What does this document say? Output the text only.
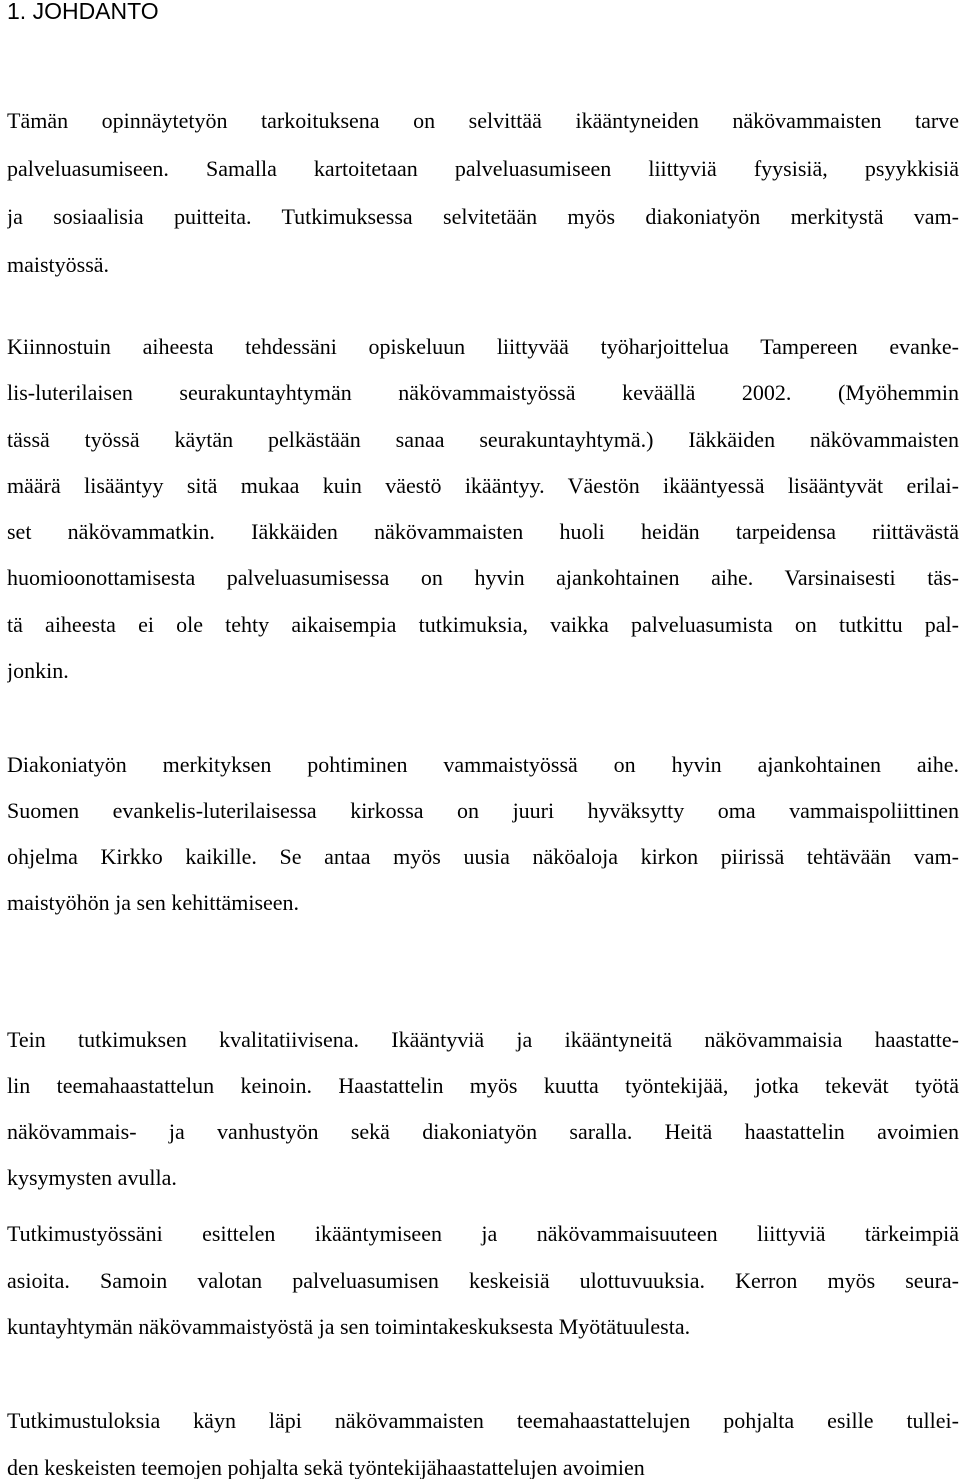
1. JOHDANTO

Tämän opinnäytetyön tarkoituksena on selvittää ikääntyneiden näkövammaisten tarve
palveluasumiseen. Samalla kartoitetaan palveluasumiseen liittyviä fyysisiä, psyykkisiä
ja sosiaalisia puitteita. Tutkimuksessa selvitetään myös diakoniatyön merkitystä vam-
maistyössä.

Kiinnostuin aiheesta tehdessäni opiskeluun liittyvää työharjoittelua Tampereen evanke-
lis-luterilaisen seurakuntayhtymän näkövammaistyössä keväällä 2002. (Myöhemmin
tässä työssä käytän pelkästään sanaa seurakuntayhtymä.) Iäkkäiden näkövammaisten
määrä lisääntyy sitä mukaa kuin väestö ikääntyy. Väestön ikääntyessä lisääntyvät erilai-
set näkövammatkin. Iäkkäiden näkövammaisten huoli heidän tarpeidensa riittävästä
huomioonottamisesta palveluasumisessa on hyvin ajankohtainen aihe. Varsinaisesti täs-
tä aiheesta ei ole tehty aikaisempia tutkimuksia, vaikka palveluasumista on tutkittu pal-
jonkin.

Diakoniatyön merkityksen pohtiminen vammaistyössä on hyvin ajankohtainen aihe.
Suomen evankelis-luterilaisessa kirkossa on juuri hyväksytty oma vammaispoliittinen
ohjelma Kirkko kaikille. Se antaa myös uusia näköaloja kirkon piirissä tehtävään vam-
maistyöhön ja sen kehittämiseen.

Tein tutkimuksen kvalitatiivisena. Ikääntyviä ja ikääntyneitä näkövammaisia haastatte-
lin teemahaastattelun keinoin. Haastattelin myös kuutta työntekijää, jotka tekevät työtä
näkövammais- ja vanhustyön sekä diakoniatyön saralla. Heitä haastattelin avoimien
kysymysten avulla.

Tutkimustyössäni esittelen ikääntymiseen ja näkövammaisuuteen liittyviä tärkeimpiä
asioita. Samoin valotan palveluasumisen keskeisiä ulottuvuuksia. Kerron myös seura-
kuntayhtymän näkövammaistyöstä ja sen toimintakeskuksesta Myötätuulesta.

Tutkimustuloksia käyn läpi näkövammaisten teemahaastattelujen pohjalta esille tullei-
den keskeisten teemojen pohjalta sekä työntekijähaastattelujen avoimien
